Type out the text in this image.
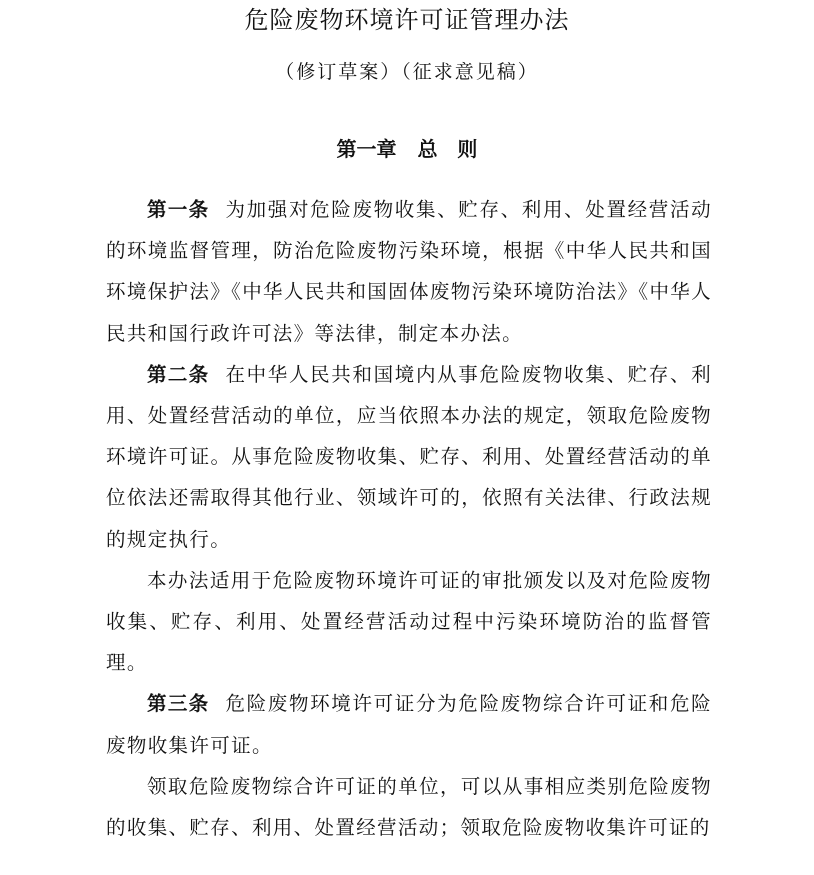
危险废物环境许可证管理办法
（修订草案）（征求意见稿）
第一章 总　则

第一条 为加强对危险废物收集、贮存、利用、处置经营活动的环境监督管理，防治危险废物污染环境，根据《中华人民共和国环境保护法》《中华人民共和国固体废物污染环境防治法》《中华人民共和国行政许可法》等法律，制定本办法。

第二条 在中华人民共和国境内从事危险废物收集、贮存、利用、处置经营活动的单位，应当依照本办法的规定，领取危险废物环境许可证。从事危险废物收集、贮存、利用、处置经营活动的单位依法还需取得其他行业、领域许可的，依照有关法律、行政法规的规定执行。

本办法适用于危险废物环境许可证的审批颁发以及对危险废物收集、贮存、利用、处置经营活动过程中污染环境防治的监督管理。

第三条 危险废物环境许可证分为危险废物综合许可证和危险废物收集许可证。

领取危险废物综合许可证的单位，可以从事相应类别危险废物的收集、贮存、利用、处置经营活动；领取危险废物收集许可证的
